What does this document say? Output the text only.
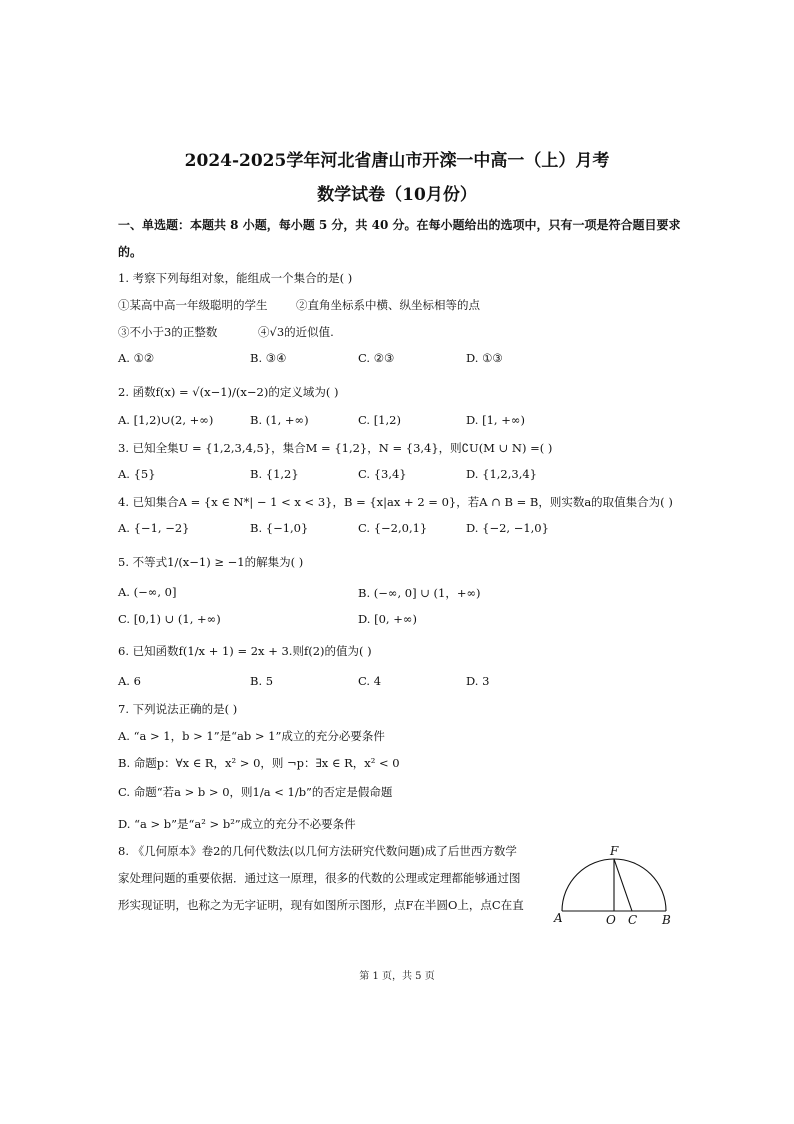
2024-2025学年河北省唐山市开滦一中高一（上）月考
数学试卷（10月份）
一、单选题：本题共 8 小题，每小题 5 分，共 40 分。在每小题给出的选项中，只有一项是符合题目要求
的。
1. 考察下列每组对象，能组成一个集合的是( )
①某高中高一年级聪明的学生 ②直角坐标系中横、纵坐标相等的点
③不小于3的正整数	④√3的近似值.
A. ①②	B. ③④	C. ②③	D. ①③
2. 函数f(x) = √(x−1)/(x−2)的定义域为( )
A. [1,2)∪(2, +∞)	B. (1, +∞)	C. [1,2)	D. [1, +∞)
3. 已知全集U = {1,2,3,4,5}，集合M = {1,2}，N = {3,4}，则∁U(M ∪ N) =( )
A. {5}	B. {1,2}	C. {3,4}	D. {1,2,3,4}
4. 已知集合A = {x ∈ N*| − 1 < x < 3}，B = {x|ax + 2 = 0}，若A ∩ B = B，则实数a的取值集合为( )
A. {−1, −2}	B. {−1,0}	C. {−2,0,1}	D. {−2, −1,0}
5. 不等式1/(x−1) ≥ −1的解集为( )
A. (−∞, 0]	B. (−∞, 0] ∪ (1，+∞)
C. [0,1) ∪ (1, +∞)	D. [0, +∞)
6. 已知函数f(1/x + 1) = 2x + 3.则f(2)的值为( )
A. 6	B. 5	C. 4	D. 3
7. 下列说法正确的是( )
A. “a > 1，b > 1”是“ab > 1”成立的充分必要条件
B. 命题p：∀x ∈ R，x² > 0，则 ¬p：∃x ∈ R，x² < 0
C. 命题“若a > b > 0，则1/a < 1/b”的否定是假命题
D. “a > b”是“a² > b²”成立的充分不必要条件
8. 《几何原本》卷2的几何代数法(以几何方法研究代数问题)成了后世西方数学
家处理问题的重要依据．通过这一原理，很多的代数的公理或定理都能够通过图
形实现证明，也称之为无字证明，现有如图所示图形，点F在半圆O上，点C在直
F
A	O C B
第 1 页，共 5 页
